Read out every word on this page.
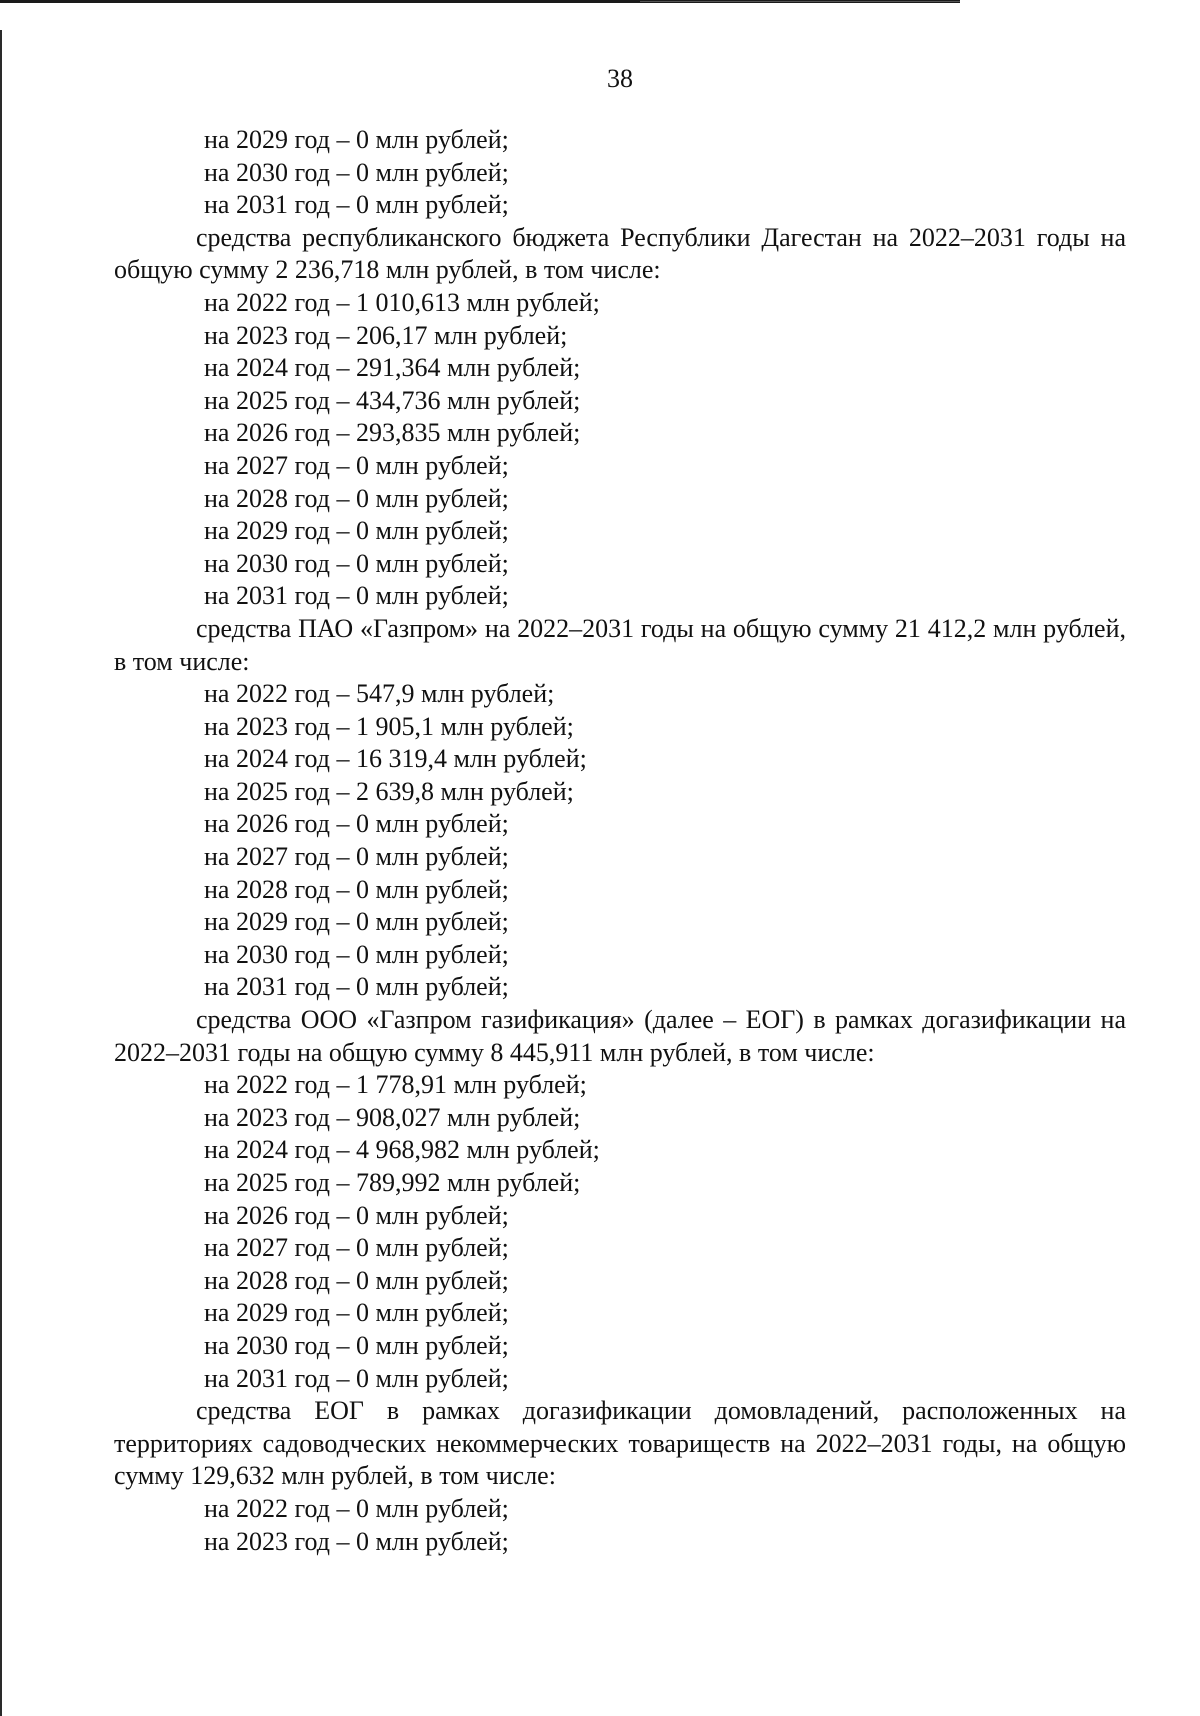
38
на 2029 год – 0 млн рублей;
на 2030 год – 0 млн рублей;
на 2031 год – 0 млн рублей;
средства республиканского бюджета Республики Дагестан на 2022–2031 годы на общую сумму 2 236,718 млн рублей, в том числе:
на 2022 год – 1 010,613 млн рублей;
на 2023 год – 206,17 млн рублей;
на 2024 год – 291,364 млн рублей;
на 2025 год – 434,736 млн рублей;
на 2026 год – 293,835 млн рублей;
на 2027 год – 0 млн рублей;
на 2028 год – 0 млн рублей;
на 2029 год – 0 млн рублей;
на 2030 год – 0 млн рублей;
на 2031 год – 0 млн рублей;
средства ПАО «Газпром» на 2022–2031 годы на общую сумму 21 412,2 млн рублей, в том числе:
на 2022 год – 547,9 млн рублей;
на 2023 год – 1 905,1 млн рублей;
на 2024 год – 16 319,4 млн рублей;
на 2025 год – 2 639,8 млн рублей;
на 2026 год – 0 млн рублей;
на 2027 год – 0 млн рублей;
на 2028 год – 0 млн рублей;
на 2029 год – 0 млн рублей;
на 2030 год – 0 млн рублей;
на 2031 год – 0 млн рублей;
средства ООО «Газпром газификация» (далее – ЕОГ) в рамках догазификации на 2022–2031 годы на общую сумму 8 445,911 млн рублей, в том числе:
на 2022 год – 1 778,91 млн рублей;
на 2023 год – 908,027 млн рублей;
на 2024 год – 4 968,982 млн рублей;
на 2025 год – 789,992 млн рублей;
на 2026 год – 0 млн рублей;
на 2027 год – 0 млн рублей;
на 2028 год – 0 млн рублей;
на 2029 год – 0 млн рублей;
на 2030 год – 0 млн рублей;
на 2031 год – 0 млн рублей;
средства ЕОГ в рамках догазификации домовладений, расположенных на территориях садоводческих некоммерческих товариществ на 2022–2031 годы, на общую сумму 129,632 млн рублей, в том числе:
на 2022 год – 0 млн рублей;
на 2023 год – 0 млн рублей;
